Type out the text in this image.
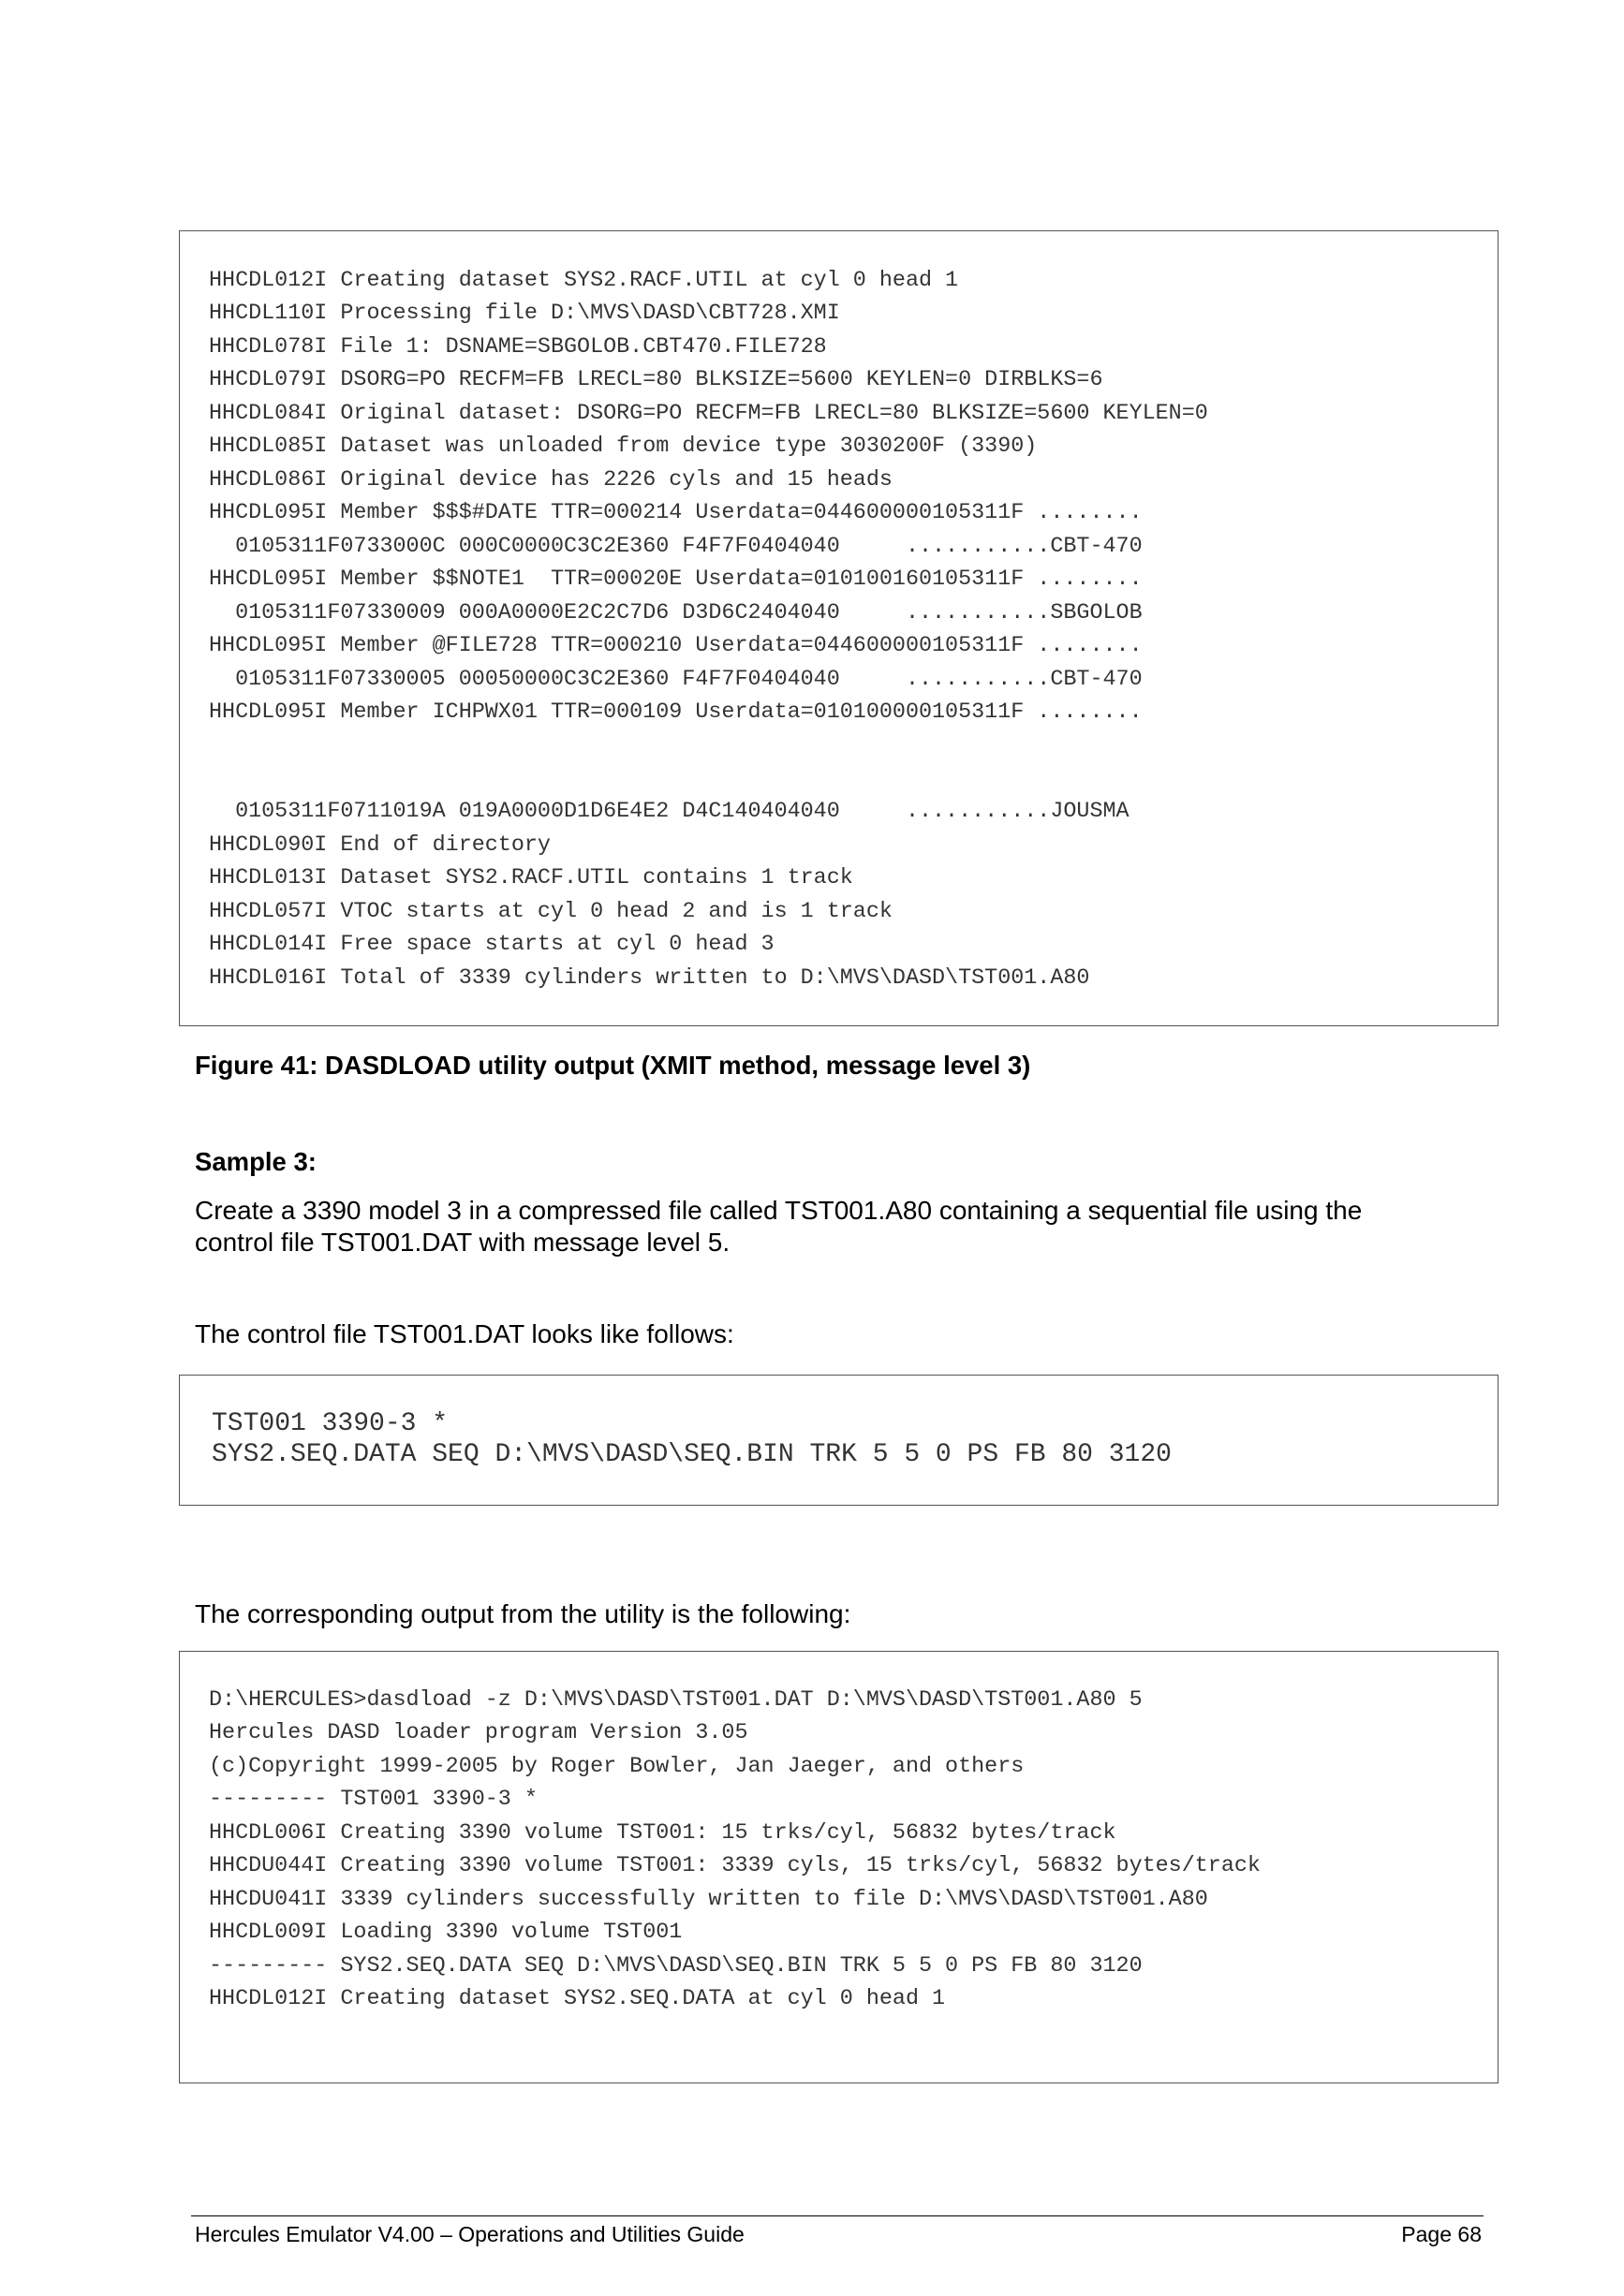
HHCDL012I Creating dataset SYS2.RACF.UTIL at cyl 0 head 1
HHCDL110I Processing file D:\MVS\DASD\CBT728.XMI
HHCDL078I File 1: DSNAME=SBGOLOB.CBT470.FILE728
HHCDL079I DSORG=PO RECFM=FB LRECL=80 BLKSIZE=5600 KEYLEN=0 DIRBLKS=6
HHCDL084I Original dataset: DSORG=PO RECFM=FB LRECL=80 BLKSIZE=5600 KEYLEN=0
HHCDL085I Dataset was unloaded from device type 3030200F (3390)
HHCDL086I Original device has 2226 cyls and 15 heads
HHCDL095I Member $$$#DATE TTR=000214 Userdata=044600000105311F ........
0105311F0733000C 000C0000C3C2E360 F4F7F0404040     ...........CBT-470
HHCDL095I Member $$NOTE1  TTR=00020E Userdata=010100160105311F ........
0105311F07330009 000A0000E2C2C7D6 D3D6C2404040     ...........SBGOLOB
HHCDL095I Member @FILE728 TTR=000210 Userdata=044600000105311F ........
0105311F07330005 00050000C3C2E360 F4F7F0404040     ...........CBT-470
HHCDL095I Member ICHPWX01 TTR=000109 Userdata=010100000105311F ........
0105311F0711019A 019A0000D1D6E4E2 D4C140404040     ...........JOUSMA
HHCDL090I End of directory
HHCDL013I Dataset SYS2.RACF.UTIL contains 1 track
HHCDL057I VTOC starts at cyl 0 head 2 and is 1 track
HHCDL014I Free space starts at cyl 0 head 3
HHCDL016I Total of 3339 cylinders written to D:\MVS\DASD\TST001.A80
Figure 41: DASDLOAD utility output (XMIT method, message level 3)
Sample 3:
Create a 3390 model 3 in a compressed file called TST001.A80 containing a sequential file using the
control file TST001.DAT with message level 5.
The control file TST001.DAT looks like follows:
TST001 3390-3 *
SYS2.SEQ.DATA SEQ D:\MVS\DASD\SEQ.BIN TRK 5 5 0 PS FB 80 3120
The corresponding output from the utility is the following:
D:\HERCULES>dasdload -z D:\MVS\DASD\TST001.DAT D:\MVS\DASD\TST001.A80 5
Hercules DASD loader program Version 3.05
(c)Copyright 1999-2005 by Roger Bowler, Jan Jaeger, and others
--------- TST001 3390-3 *
HHCDL006I Creating 3390 volume TST001: 15 trks/cyl, 56832 bytes/track
HHCDU044I Creating 3390 volume TST001: 3339 cyls, 15 trks/cyl, 56832 bytes/track
HHCDU041I 3339 cylinders successfully written to file D:\MVS\DASD\TST001.A80
HHCDL009I Loading 3390 volume TST001
--------- SYS2.SEQ.DATA SEQ D:\MVS\DASD\SEQ.BIN TRK 5 5 0 PS FB 80 3120
HHCDL012I Creating dataset SYS2.SEQ.DATA at cyl 0 head 1
Hercules Emulator V4.00 – Operations and Utilities Guide	Page 68
